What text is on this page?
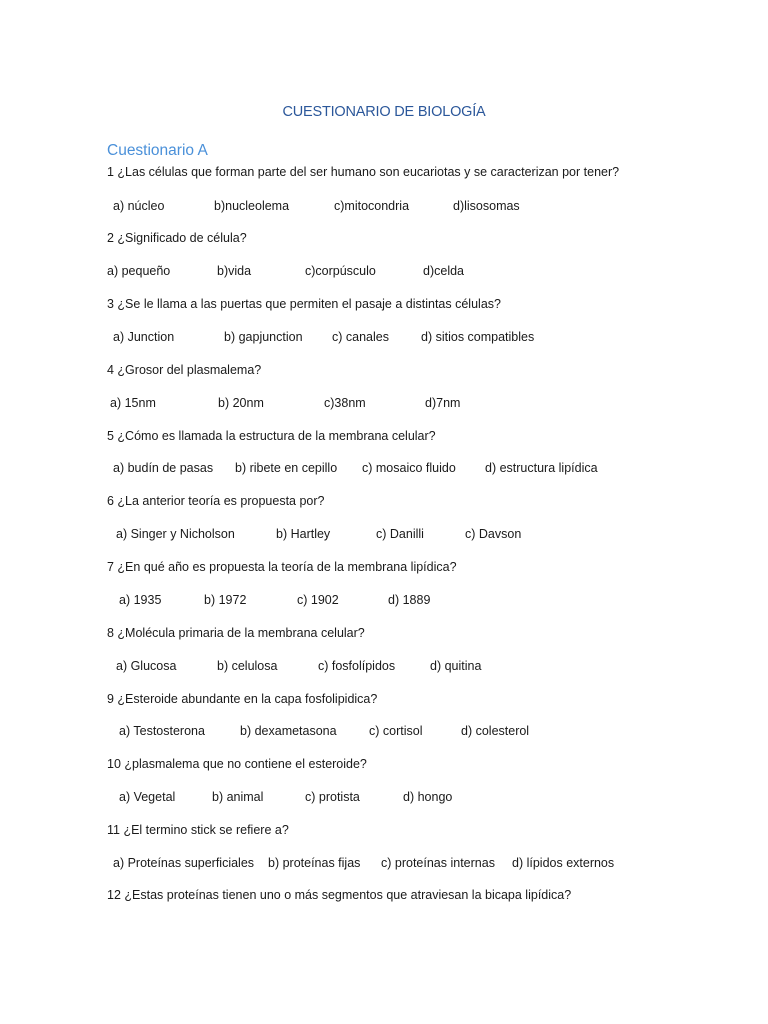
CUESTIONARIO DE BIOLOGÍA
Cuestionario A
1 ¿Las células que forman parte del ser humano son eucariotas y se caracterizan por tener?
a) núcleo	b)nucleolema	c)mitocondria	d)lisosomas
2 ¿Significado de célula?
a) pequeño	b)vida	c)corpúsculo	d)celda
3 ¿Se le llama a las puertas que permiten el pasaje a distintas células?
a) Junction	b) gapjunction c) canales	d) sitios compatibles
4 ¿Grosor del plasmalema?
a) 15nm	b) 20nm	c)38nm	d)7nm
5 ¿Cómo es llamada la estructura de la membrana celular?
a) budín de pasas b) ribete en cepillo c) mosaico fluido d) estructura lipídica
6 ¿La anterior teoría es propuesta por?
a) Singer y Nicholson	b) Hartley	c) Danilli	c) Davson
7 ¿En qué año es propuesta la teoría de la membrana lipídica?
a) 1935	b) 1972	c) 1902	d) 1889
8 ¿Molécula primaria de la membrana celular?
a) Glucosa	b) celulosa	c) fosfolípidos	d) quitina
9 ¿Esteroide abundante en la capa fosfolipidica?
a) Testosterona	b) dexametasona	c) cortisol	d) colesterol
10 ¿plasmalema que no contiene el esteroide?
a) Vegetal	b) animal	c) protista	d) hongo
11 ¿El termino stick se refiere a?
a) Proteínas superficiales b) proteínas fijas c) proteínas internas d) lípidos externos
12 ¿Estas proteínas tienen uno o más segmentos que atraviesan la bicapa lipídica?
